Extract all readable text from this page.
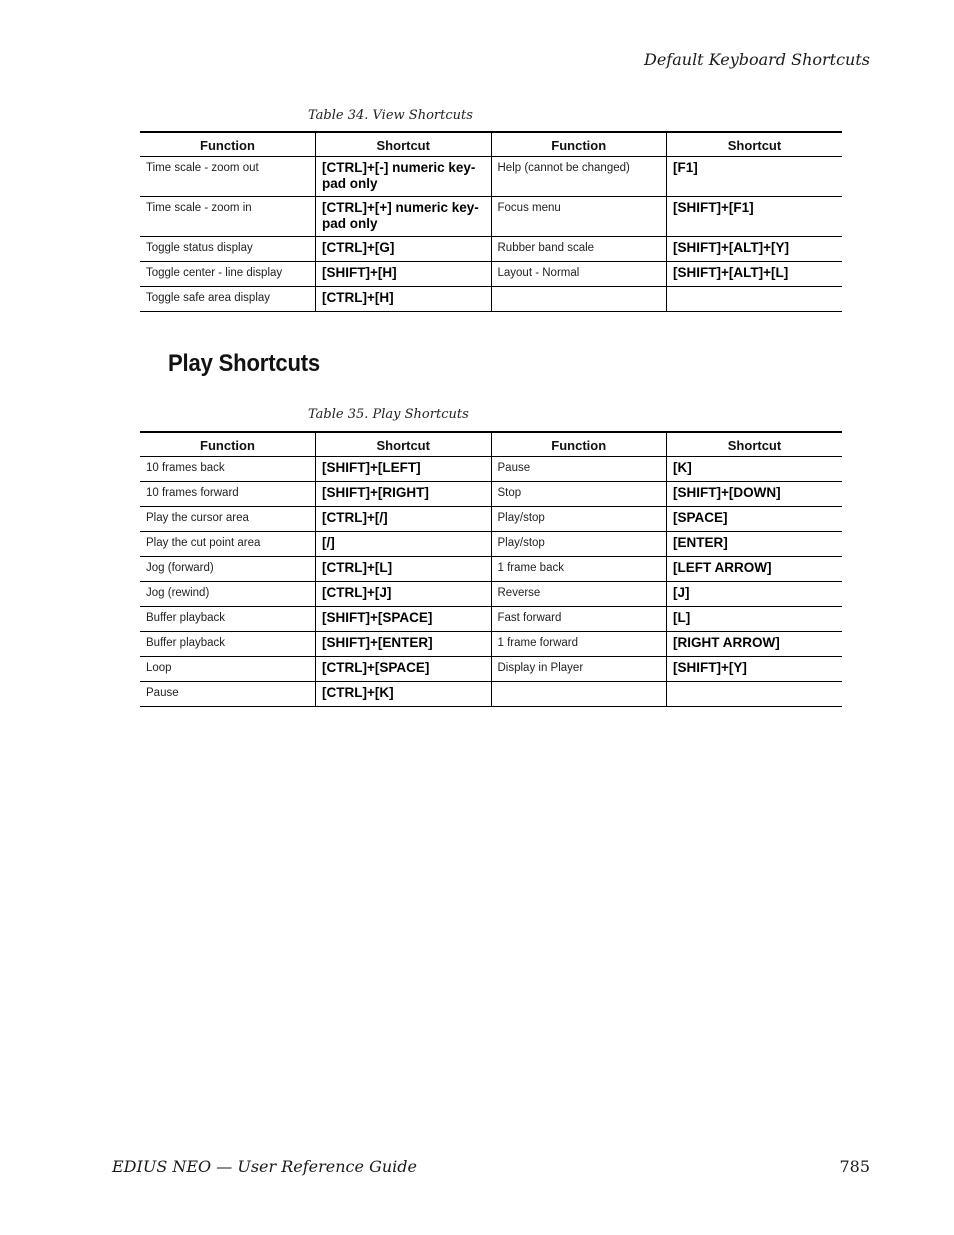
Default Keyboard Shortcuts
Table 34. View Shortcuts
Function	Shortcut	Function	Shortcut
Time scale - zoom out	[CTRL]+[-] numeric key-pad only	Help (cannot be changed)	[F1]
Time scale - zoom in	[CTRL]+[+] numeric key-pad only	Focus menu	[SHIFT]+[F1]
Toggle status display	[CTRL]+[G]	Rubber band scale	[SHIFT]+[ALT]+[Y]
Toggle center - line display	[SHIFT]+[H]	Layout - Normal	[SHIFT]+[ALT]+[L]
Toggle safe area display	[CTRL]+[H]		
Play Shortcuts
Table 35. Play Shortcuts
Function	Shortcut	Function	Shortcut
10 frames back	[SHIFT]+[LEFT]	Pause	[K]
10 frames forward	[SHIFT]+[RIGHT]	Stop	[SHIFT]+[DOWN]
Play the cursor area	[CTRL]+[/]	Play/stop	[SPACE]
Play the cut point area	[/]	Play/stop	[ENTER]
Jog (forward)	[CTRL]+[L]	1 frame back	[LEFT ARROW]
Jog (rewind)	[CTRL]+[J]	Reverse	[J]
Buffer playback	[SHIFT]+[SPACE]	Fast forward	[L]
Buffer playback	[SHIFT]+[ENTER]	1 frame forward	[RIGHT ARROW]
Loop	[CTRL]+[SPACE]	Display in Player	[SHIFT]+[Y]
Pause	[CTRL]+[K]		
EDIUS NEO — User Reference Guide	785
